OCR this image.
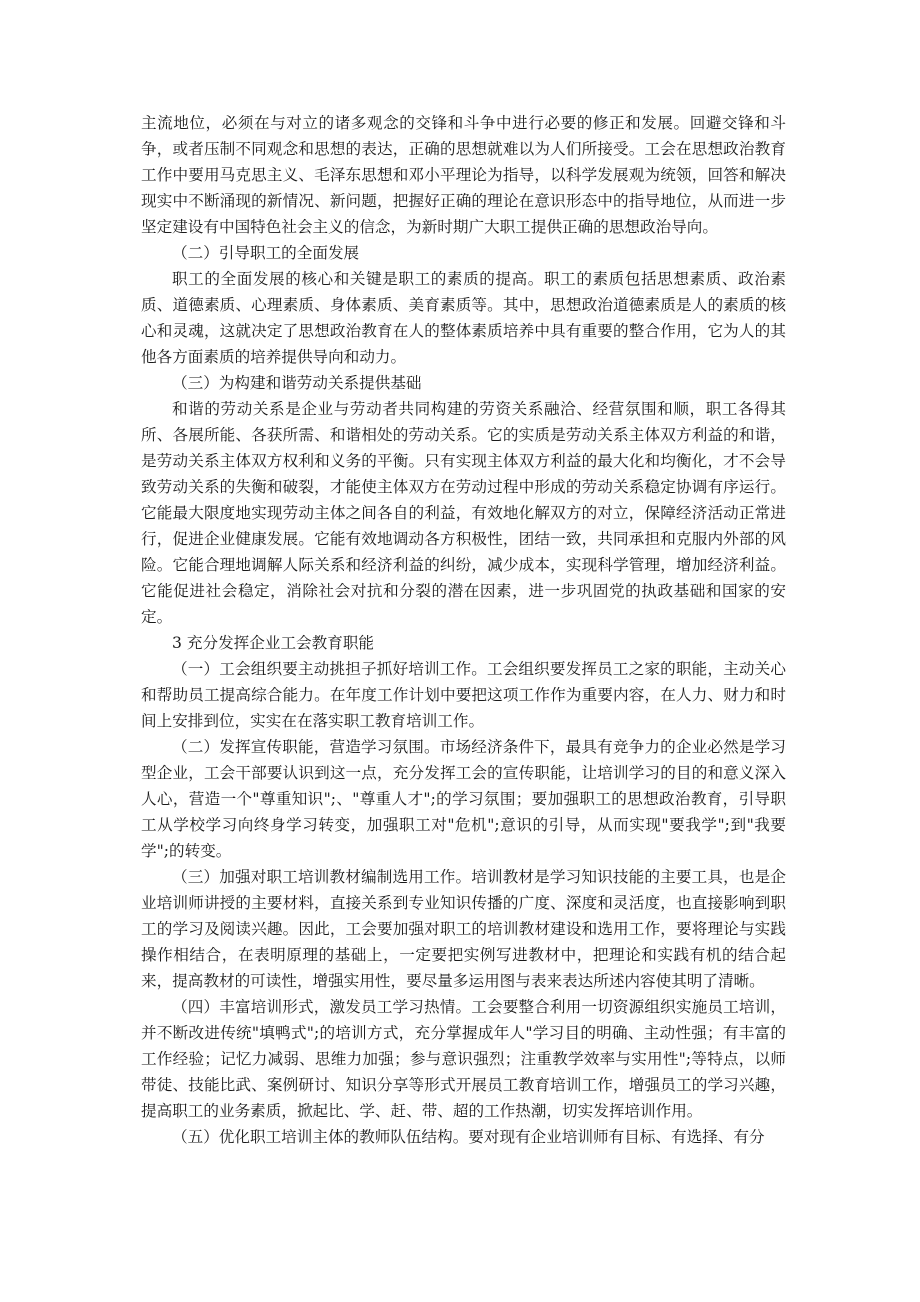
主流地位，必须在与对立的诸多观念的交锋和斗争中进行必要的修正和发展。回避交锋和斗争，或者压制不同观念和思想的表达，正确的思想就难以为人们所接受。工会在思想政治教育工作中要用马克思主义、毛泽东思想和邓小平理论为指导，以科学发展观为统领，回答和解决现实中不断涌现的新情况、新问题，把握好正确的理论在意识形态中的指导地位，从而进一步坚定建设有中国特色社会主义的信念，为新时期广大职工提供正确的思想政治导向。

（二）引导职工的全面发展

职工的全面发展的核心和关键是职工的素质的提高。职工的素质包括思想素质、政治素质、道德素质、心理素质、身体素质、美育素质等。其中，思想政治道德素质是人的素质的核心和灵魂，这就决定了思想政治教育在人的整体素质培养中具有重要的整合作用，它为人的其他各方面素质的培养提供导向和动力。

（三）为构建和谐劳动关系提供基础

和谐的劳动关系是企业与劳动者共同构建的劳资关系融洽、经营氛围和顺，职工各得其所、各展所能、各获所需、和谐相处的劳动关系。它的实质是劳动关系主体双方利益的和谐，是劳动关系主体双方权利和义务的平衡。只有实现主体双方利益的最大化和均衡化，才不会导致劳动关系的失衡和破裂，才能使主体双方在劳动过程中形成的劳动关系稳定协调有序运行。它能最大限度地实现劳动主体之间各自的利益，有效地化解双方的对立，保障经济活动正常进行，促进企业健康发展。它能有效地调动各方积极性，团结一致，共同承担和克服内外部的风险。它能合理地调解人际关系和经济利益的纠纷，减少成本，实现科学管理，增加经济利益。它能促进社会稳定，消除社会对抗和分裂的潜在因素，进一步巩固党的执政基础和国家的安定。

3 充分发挥企业工会教育职能

（一）工会组织要主动挑担子抓好培训工作。工会组织要发挥员工之家的职能，主动关心和帮助员工提高综合能力。在年度工作计划中要把这项工作作为重要内容，在人力、财力和时间上安排到位，实实在在落实职工教育培训工作。

（二）发挥宣传职能，营造学习氛围。市场经济条件下，最具有竞争力的企业必然是学习型企业，工会干部要认识到这一点，充分发挥工会的宣传职能，让培训学习的目的和意义深入人心，营造一个"尊重知识";、"尊重人才";的学习氛围；要加强职工的思想政治教育，引导职工从学校学习向终身学习转变，加强职工对"危机";意识的引导，从而实现"要我学";到"我要学";的转变。

（三）加强对职工培训教材编制选用工作。培训教材是学习知识技能的主要工具，也是企业培训师讲授的主要材料，直接关系到专业知识传播的广度、深度和灵活度，也直接影响到职工的学习及阅读兴趣。因此，工会要加强对职工的培训教材建设和选用工作，要将理论与实践操作相结合，在表明原理的基础上，一定要把实例写进教材中，把理论和实践有机的结合起来，提高教材的可读性，增强实用性，要尽量多运用图与表来表达所述内容使其明了清晰。

（四）丰富培训形式，激发员工学习热情。工会要整合利用一切资源组织实施员工培训，并不断改进传统"填鸭式";的培训方式，充分掌握成年人"学习目的明确、主动性强；有丰富的工作经验；记忆力减弱、思维力加强；参与意识强烈；注重教学效率与实用性";等特点，以师带徒、技能比武、案例研讨、知识分享等形式开展员工教育培训工作，增强员工的学习兴趣，提高职工的业务素质，掀起比、学、赶、带、超的工作热潮，切实发挥培训作用。

（五）优化职工培训主体的教师队伍结构。要对现有企业培训师有目标、有选择、有分
